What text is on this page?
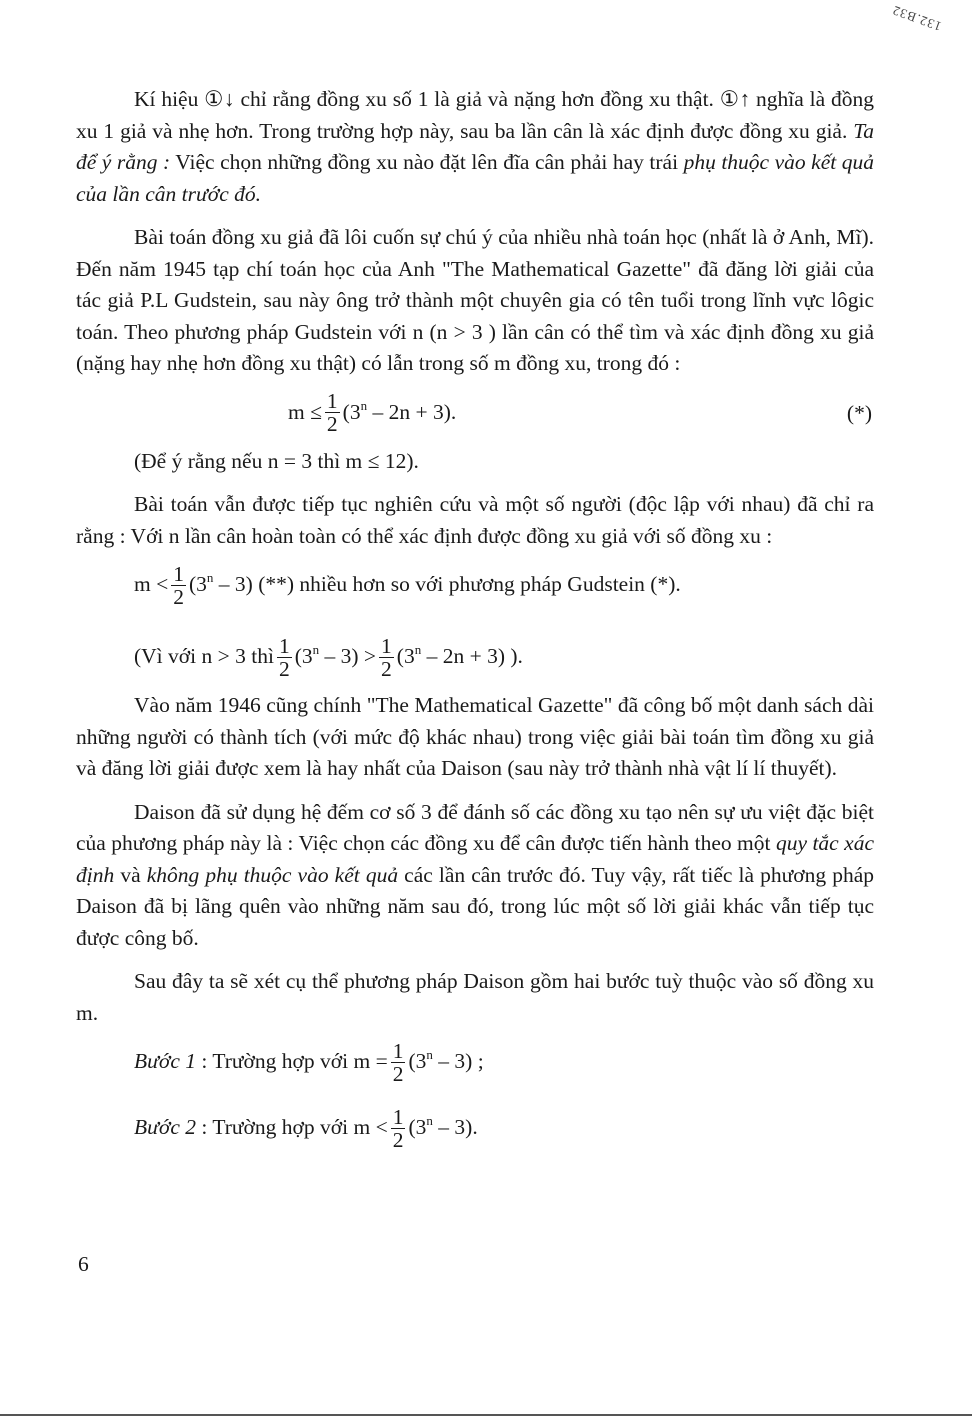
132.B32

Kí hiệu ①↓ chỉ rằng đồng xu số 1 là giả và nặng hơn đồng xu thật. ①↑ nghĩa là đồng xu 1 giả và nhẹ hơn. Trong trường hợp này, sau ba lần cân là xác định được đồng xu giả. Ta để ý rằng : Việc chọn những đồng xu nào đặt lên đĩa cân phải hay trái phụ thuộc vào kết quả của lần cân trước đó.

Bài toán đồng xu giả đã lôi cuốn sự chú ý của nhiều nhà toán học (nhất là ở Anh, Mĩ). Đến năm 1945 tạp chí toán học của Anh "The Mathematical Gazette" đã đăng lời giải của tác giả P.L Gudstein, sau này ông trở thành một chuyên gia có tên tuổi trong lĩnh vực lôgic toán. Theo phương pháp Gudstein với n (n > 3 ) lần cân có thể tìm và xác định đồng xu giả (nặng hay nhẹ hơn đồng xu thật) có lẫn trong số m đồng xu, trong đó :

$m \le \frac{1}{2} (3^n - 2n + 3)$.	(*)

(Để ý rằng nếu n = 3 thì m ≤ 12).

Bài toán vẫn được tiếp tục nghiên cứu và một số người (độc lập với nhau) đã chỉ ra rằng : Với n lần cân hoàn toàn có thể xác định được đồng xu giả với số đồng xu :

$m < \frac{1}{2} (3^n - 3)$ (**) nhiều hơn so với phương pháp Gudstein (*).
(Vì với n > 3 thì $\frac{1}{2} (3^n - 3) > \frac{1}{2} (3^n - 2n + 3)$ ).

Vào năm 1946 cũng chính "The Mathematical Gazette" đã công bố một danh sách dài những người có thành tích (với mức độ khác nhau) trong việc giải bài toán tìm đồng xu giả và đăng lời giải được xem là hay nhất của Daison (sau này trở thành nhà vật lí lí thuyết).

Daison đã sử dụng hệ đếm cơ số 3 để đánh số các đồng xu tạo nên sự ưu việt đặc biệt của phương pháp này là : Việc chọn các đồng xu để cân được tiến hành theo một quy tắc xác định và không phụ thuộc vào kết quả các lần cân trước đó. Tuy vậy, rất tiếc là phương pháp Daison đã bị lãng quên vào những năm sau đó, trong lúc một số lời giải khác vẫn tiếp tục được công bố.

Sau đây ta sẽ xét cụ thể phương pháp Daison gồm hai bước tuỳ thuộc vào số đồng xu m.

Bước 1 : Trường hợp với $m = \frac{1}{2} (3^n - 3)$ ;
Bước 2 : Trường hợp với $m < \frac{1}{2} (3^n - 3)$.
6
